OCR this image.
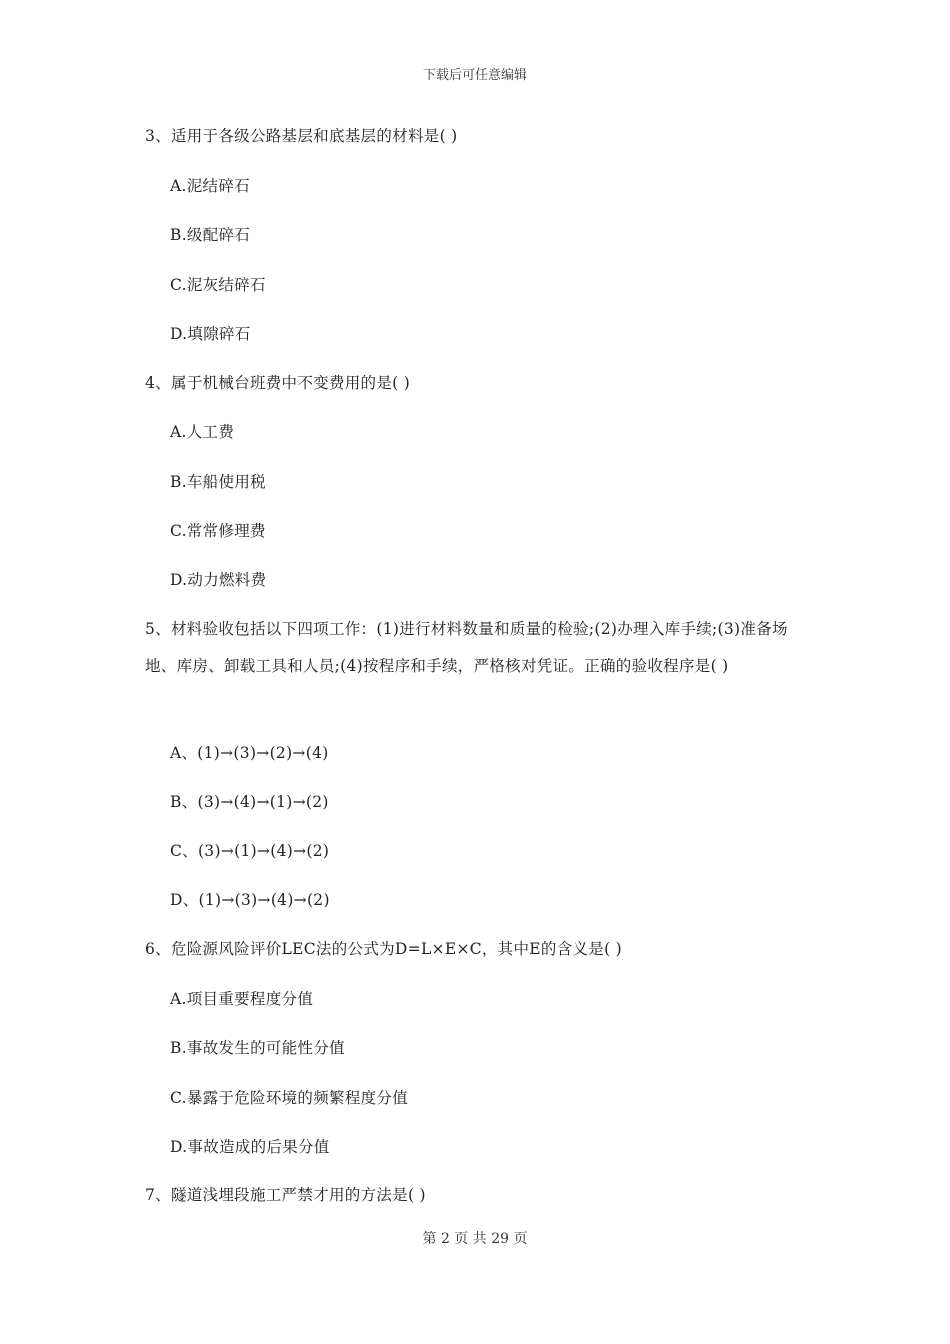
下载后可任意编辑
3、适用于各级公路基层和底基层的材料是( )
A.泥结碎石
B.级配碎石
C.泥灰结碎石
D.填隙碎石
4、属于机械台班费中不变费用的是( )
A.人工费
B.车船使用税
C.常常修理费
D.动力燃料费
5、材料验收包括以下四项工作：(1)进行材料数量和质量的检验;(2)办理入库手续;(3)准备场地、库房、卸载工具和人员;(4)按程序和手续，严格核对凭证。正确的验收程序是( )
A、(1)→(3)→(2)→(4)
B、(3)→(4)→(1)→(2)
C、(3)→(1)→(4)→(2)
D、(1)→(3)→(4)→(2)
6、危险源风险评价LEC法的公式为D=L×E×C，其中E的含义是( )
A.项目重要程度分值
B.事故发生的可能性分值
C.暴露于危险环境的频繁程度分值
D.事故造成的后果分值
7、隧道浅埋段施工严禁才用的方法是( )
第 2 页 共 29 页
